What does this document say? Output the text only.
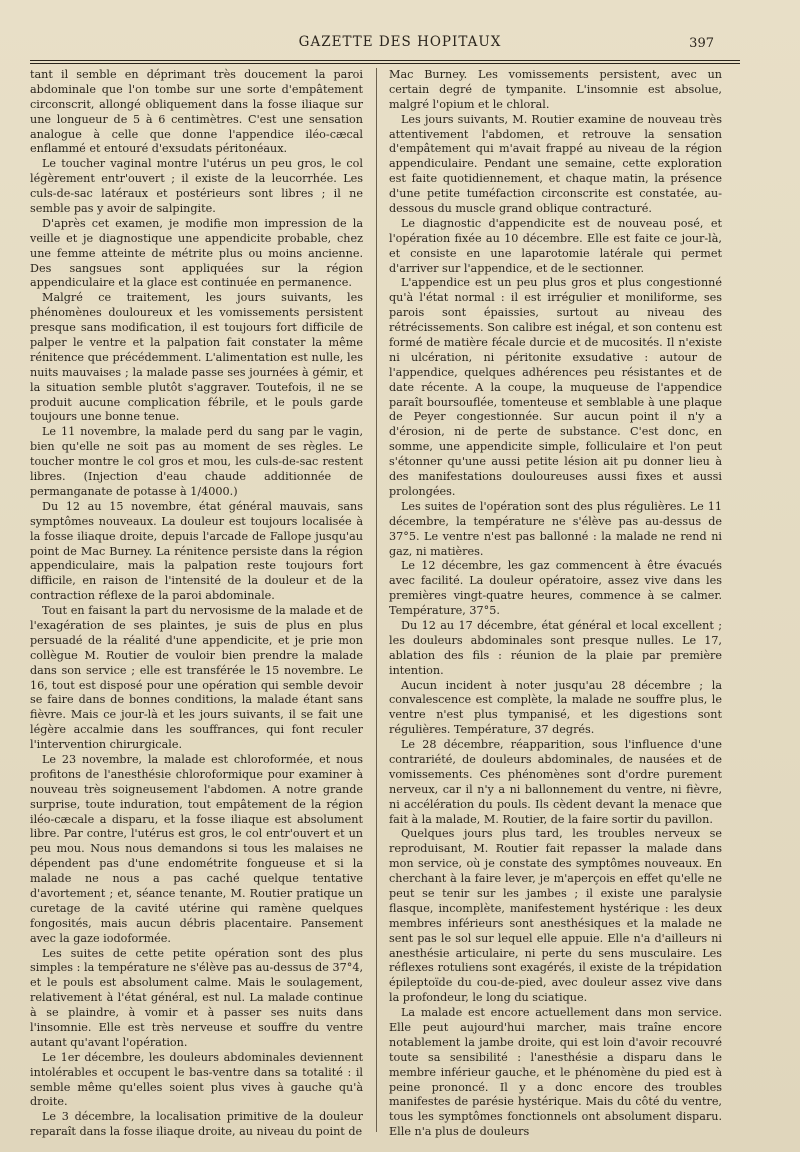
GAZETTE DES HOPITAUX	397

tant il semble en déprimant très doucement la paroi abdominale que l'on tombe sur une sorte d'empâtement circonscrit, allongé obliquement dans la fosse iliaque sur une longueur de 5 à 6 centimètres. C'est une sensation analogue à celle que donne l'appendice iléo-cæcal enflammé et entouré d'exsudats péritonéaux.

Le toucher vaginal montre l'utérus un peu gros, le col légèrement entr'ouvert ; il existe de la leucorrhée. Les culs-de-sac latéraux et postérieurs sont libres ; il ne semble pas y avoir de salpingite.

D'après cet examen, je modifie mon impression de la veille et je diagnostique une appendicite probable, chez une femme atteinte de métrite plus ou moins ancienne. Des sangsues sont appliquées sur la région appendiculaire et la glace est continuée en permanence.

Malgré ce traitement, les jours suivants, les phénomènes douloureux et les vomissements persistent presque sans modification, il est toujours fort difficile de palper le ventre et la palpation fait constater la même rénitence que précédemment. L'alimentation est nulle, les nuits mauvaises ; la malade passe ses journées à gémir, et la situation semble plutôt s'aggraver. Toutefois, il ne se produit aucune complication fébrile, et le pouls garde toujours une bonne tenue.

Le 11 novembre, la malade perd du sang par le vagin, bien qu'elle ne soit pas au moment de ses règles. Le toucher montre le col gros et mou, les culs-de-sac restent libres. (Injection d'eau chaude additionnée de permanganate de potasse à 1/4000.)

Du 12 au 15 novembre, état général mauvais, sans symptômes nouveaux. La douleur est toujours localisée à la fosse iliaque droite, depuis l'arcade de Fallope jusqu'au point de Mac Burney. La rénitence persiste dans la région appendiculaire, mais la palpation reste toujours fort difficile, en raison de l'intensité de la douleur et de la contraction réflexe de la paroi abdominale.

Tout en faisant la part du nervosisme de la malade et de l'exagération de ses plaintes, je suis de plus en plus persuadé de la réalité d'une appendicite, et je prie mon collègue M. Routier de vouloir bien prendre la malade dans son service ; elle est transférée le 15 novembre. Le 16, tout est disposé pour une opération qui semble devoir se faire dans de bonnes conditions, la malade étant sans fièvre. Mais ce jour-là et les jours suivants, il se fait une légère accalmie dans les souffrances, qui font reculer l'intervention chirurgicale.

Le 23 novembre, la malade est chloroformée, et nous profitons de l'anesthésie chloroformique pour examiner à nouveau très soigneusement l'abdomen. A notre grande surprise, toute induration, tout empâtement de la région iléo-cæcale a disparu, et la fosse iliaque est absolument libre. Par contre, l'utérus est gros, le col entr'ouvert et un peu mou. Nous nous demandons si tous les malaises ne dépendent pas d'une endométrite fongueuse et si la malade ne nous a pas caché quelque tentative d'avortement ; et, séance tenante, M. Routier pratique un curetage de la cavité utérine qui ramène quelques fongosités, mais aucun débris placentaire. Pansement avec la gaze iodoformée.

Les suites de cette petite opération sont des plus simples : la température ne s'élève pas au-dessus de 37°4, et le pouls est absolument calme. Mais le soulagement, relativement à l'état général, est nul. La malade continue à se plaindre, à vomir et à passer ses nuits dans l'insomnie. Elle est très nerveuse et souffre du ventre autant qu'avant l'opération.

Le 1er décembre, les douleurs abdominales deviennent intolérables et occupent le bas-ventre dans sa totalité : il semble même qu'elles soient plus vives à gauche qu'à droite.

Le 3 décembre, la localisation primitive de la douleur reparaît dans la fosse iliaque droite, au niveau du point de

Mac Burney. Les vomissements persistent, avec un certain degré de tympanite. L'insomnie est absolue, malgré l'opium et le chloral.

Les jours suivants, M. Routier examine de nouveau très attentivement l'abdomen, et retrouve la sensation d'empâtement qui m'avait frappé au niveau de la région appendiculaire. Pendant une semaine, cette exploration est faite quotidiennement, et chaque matin, la présence d'une petite tuméfaction circonscrite est constatée, au-dessous du muscle grand oblique contracturé.

Le diagnostic d'appendicite est de nouveau posé, et l'opération fixée au 10 décembre. Elle est faite ce jour-là, et consiste en une laparotomie latérale qui permet d'arriver sur l'appendice, et de le sectionner.

L'appendice est un peu plus gros et plus congestionné qu'à l'état normal : il est irrégulier et moniliforme, ses parois sont épaissies, surtout au niveau des rétrécissements. Son calibre est inégal, et son contenu est formé de matière fécale durcie et de mucosités. Il n'existe ni ulcération, ni péritonite exsudative : autour de l'appendice, quelques adhérences peu résistantes et de date récente. A la coupe, la muqueuse de l'appendice paraît boursouflée, tomenteuse et semblable à une plaque de Peyer congestionnée. Sur aucun point il n'y a d'érosion, ni de perte de substance. C'est donc, en somme, une appendicite simple, folliculaire et l'on peut s'étonner qu'une aussi petite lésion ait pu donner lieu à des manifestations douloureuses aussi fixes et aussi prolongées.

Les suites de l'opération sont des plus régulières. Le 11 décembre, la température ne s'élève pas au-dessus de 37°5. Le ventre n'est pas ballonné : la malade ne rend ni gaz, ni matières.

Le 12 décembre, les gaz commencent à être évacués avec facilité. La douleur opératoire, assez vive dans les premières vingt-quatre heures, commence à se calmer. Température, 37°5.

Du 12 au 17 décembre, état général et local excellent ; les douleurs abdominales sont presque nulles. Le 17, ablation des fils : réunion de la plaie par première intention.

Aucun incident à noter jusqu'au 28 décembre ; la convalescence est complète, la malade ne souffre plus, le ventre n'est plus tympanisé, et les digestions sont régulières. Température, 37 degrés.

Le 28 décembre, réapparition, sous l'influence d'une contrariété, de douleurs abdominales, de nausées et de vomissements. Ces phénomènes sont d'ordre purement nerveux, car il n'y a ni ballonnement du ventre, ni fièvre, ni accélération du pouls. Ils cèdent devant la menace que fait à la malade, M. Routier, de la faire sortir du pavillon.

Quelques jours plus tard, les troubles nerveux se reproduisant, M. Routier fait repasser la malade dans mon service, où je constate des symptômes nouveaux. En cherchant à la faire lever, je m'aperçois en effet qu'elle ne peut se tenir sur les jambes ; il existe une paralysie flasque, incomplète, manifestement hystérique : les deux membres inférieurs sont anesthésiques et la malade ne sent pas le sol sur lequel elle appuie. Elle n'a d'ailleurs ni anesthésie articulaire, ni perte du sens musculaire. Les réflexes rotuliens sont exagérés, il existe de la trépidation épileptoïde du cou-de-pied, avec douleur assez vive dans la profondeur, le long du sciatique.

La malade est encore actuellement dans mon service. Elle peut aujourd'hui marcher, mais traîne encore notablement la jambe droite, qui est loin d'avoir recouvré toute sa sensibilité : l'anesthésie a disparu dans le membre inférieur gauche, et le phénomène du pied est à peine prononcé. Il y a donc encore des troubles manifestes de parésie hystérique. Mais du côté du ventre, tous les symptômes fonctionnels ont absolument disparu. Elle n'a plus de douleurs
